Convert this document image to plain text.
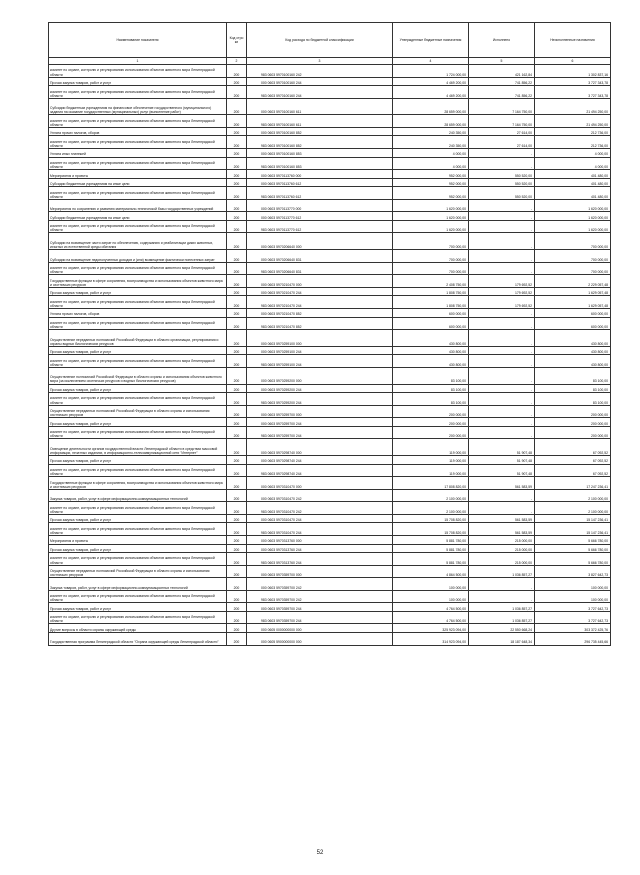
Наименование показателя	Код стро ки	Код расхода по бюджетной классификации	Утвержденные бюджетные назначения	Исполнено	Неисполненные назначения
1	2	3	4	5	6
комитет по охране, контролю и регулированию использования объектов животного мира Ленинградской области	200	983 0603 5970100160 242	1 724 000,00	421 162,84	1 302 837,16
Прочая закупка товаров, работ и услуг	200	000 0603 5970100160 244	4 469 200,00	741 856,22	3 727 343,78
комитет по охране, контролю и регулированию использования объектов животного мира Ленинградской области	200	983 0603 5970100160 244	4 469 200,00	741 856,22	3 727 343,78
Субсидии бюджетным учреждениям на финансовое обеспечение государственного (муниципального) задания на оказание государственных (муниципальных) услуг (выполнение работ)	200	000 0603 5970100160 611	28 659 000,00	7 164 750,00	21 494 250,00
комитет по охране, контролю и регулированию использования объектов животного мира Ленинградской области	200	983 0603 5970100160 611	28 659 000,00	7 164 750,00	21 494 250,00
Уплата прочих налогов, сборов	200	000 0603 5970100160 852	240 350,00	27 614,00	212 736,00
комитет по охране, контролю и регулированию использования объектов животного мира Ленинградской области	200	983 0603 5970100160 852	240 350,00	27 614,00	212 736,00
Уплата иных платежей	200	000 0603 5970100160 853	4 000,00	-	4 000,00
комитет по охране, контролю и регулированию использования объектов животного мира Ленинградской области	200	983 0603 5970100160 853	4 000,00	-	4 000,00
Мероприятия и проекты	200	000 0603 5970113760 000	952 000,00	550 520,00	401 480,00
Субсидии бюджетным учреждениям на иные цели	200	000 0603 5970113760 612	952 000,00	550 520,00	401 480,00
комитет по охране, контролю и регулированию использования объектов животного мира Ленинградской области	200	983 0603 5970113760 612	952 000,00	550 520,00	401 480,00
Мероприятия по сохранению и развитию материально-технической базы государственных учреждений	200	000 0603 5970113770 000	1 620 000,00	-	1 620 000,00
Субсидии бюджетным учреждениям на иные цели	200	000 0603 5970113770 612	1 620 000,00	-	1 620 000,00
комитет по охране, контролю и регулированию использования объектов животного мира Ленинградской области	200	983 0603 5970113770 612	1 620 000,00	-	1 620 000,00
Субсидии на возмещение части затрат по обеспечению, содержанию и реабилитации диких животных, изъятых из естественной среды обитания	200	000 0603 5970206640 000	700 000,00	-	700 000,00
Субсидии на возмещение недополученных доходов и (или) возмещение фактически понесенных затрат	200	000 0603 5970206640 831	700 000,00	-	700 000,00
комитет по охране, контролю и регулированию использования объектов животного мира Ленинградской области	200	983 0603 5970206640 831	700 000,00	-	700 000,00
Государственные функции в сфере сохранения, воспроизводства и использования объектов животного мира и охотничьих ресурсов	200	000 0603 5970210470 000	2 408 750,00	179 692,52	2 229 057,48
Прочая закупка товаров, работ и услуг	200	000 0603 5970210470 244	1 808 750,00	179 692,52	1 629 057,48
комитет по охране, контролю и регулированию использования объектов животного мира Ленинградской области	200	983 0603 5970210470 244	1 808 750,00	179 692,52	1 629 057,48
Уплата прочих налогов, сборов	200	000 0603 5970210470 852	600 000,00	-	600 000,00
комитет по охране, контролю и регулированию использования объектов животного мира Ленинградской области	200	983 0603 5970210470 852	600 000,00	-	600 000,00
Осуществление переданных полномочий Российской Федерации в области организации, регулирования и охраны водных биологических ресурсов	200	000 0603 5970259100 000	430 800,00	-	430 800,00
Прочая закупка товаров, работ и услуг	200	000 0603 5970259100 244	430 800,00	-	430 800,00
комитет по охране, контролю и регулированию использования объектов животного мира Ленинградской области	200	983 0603 5970259100 244	430 800,00	-	430 800,00
Осуществление полномочий Российской Федерации в области охраны и использования объектов животного мира (за исключением охотничьих ресурсов и водных биологических ресурсов)	200	000 0603 5970259200 000	83 100,00	-	83 100,00
Прочая закупка товаров, работ и услуг	200	000 0603 5970259200 244	83 100,00	-	83 100,00
комитет по охране, контролю и регулированию использования объектов животного мира Ленинградской области	200	983 0603 5970259200 244	83 100,00	-	83 100,00
Осуществление переданных полномочий Российской Федерации в области охраны и использования охотничьих ресурсов	200	000 0603 5970259700 000	200 000,00	-	200 000,00
Прочая закупка товаров, работ и услуг	200	000 0603 5970259700 244	200 000,00	-	200 000,00
комитет по охране, контролю и регулированию использования объектов животного мира Ленинградской области	200	983 0603 5970259700 244	200 000,00	-	200 000,00
Освещение деятельности органов государственной власти Ленинградской области в средствах массовой информации, печатных изданиях, в информационно-телекоммуникационной сети "Интернет"	200	000 0603 5970298740 000	119 000,00	51 907,48	67 092,52
Прочая закупка товаров, работ и услуг	200	000 0603 5970298740 244	119 000,00	51 907,48	67 092,52
комитет по охране, контролю и регулированию использования объектов животного мира Ленинградской области	200	983 0603 5970298740 244	119 000,00	51 907,48	67 092,52
Государственные функции в сфере сохранения, воспроизводства и использования объектов животного мира и охотничьих ресурсов	200	000 0603 5970310470 000	17 808 820,00	561 583,59	17 247 236,41
Закупка товаров, работ, услуг в сфере информационно-коммуникационных технологий	200	000 0603 5970310470 242	2 100 000,00	-	2 100 000,00
комитет по охране, контролю и регулированию использования объектов животного мира Ленинградской области	200	983 0603 5970310470 242	2 100 000,00	-	2 100 000,00
Прочая закупка товаров, работ и услуг	200	000 0603 5970310470 244	15 708 820,00	561 583,59	15 147 236,41
комитет по охране, контролю и регулированию использования объектов животного мира Ленинградской области	200	983 0603 5970310470 244	15 708 820,00	561 583,59	15 147 236,41
Мероприятия и проекты	200	000 0603 5970313760 000	5 881 780,00	215 000,00	5 666 780,00
Прочая закупка товаров, работ и услуг	200	000 0603 5970313760 244	5 881 780,00	215 000,00	5 666 780,00
комитет по охране, контролю и регулированию использования объектов животного мира Ленинградской области	200	983 0603 5970313760 244	5 881 780,00	215 000,00	5 666 780,00
Осуществление переданных полномочий Российской Федерации в области охраны и использования охотничьих ресурсов	200	000 0603 5970359700 000	4 864 500,00	1 036 857,27	3 827 642,73
Закупка товаров, работ, услуг в сфере информационно-коммуникационных технологий	200	000 0603 5970359700 242	100 000,00	-	100 000,00
комитет по охране, контролю и регулированию использования объектов животного мира Ленинградской области	200	983 0603 5970359700 242	100 000,00	-	100 000,00
Прочая закупка товаров, работ и услуг	200	000 0603 5970359700 244	4 764 500,00	1 036 857,27	3 727 642,73
комитет по охране, контролю и регулированию использования объектов животного мира Ленинградской области	200	983 0603 5970359700 244	4 764 500,00	1 036 857,27	3 727 642,73
Другие вопросы в области охраны окружающей среды	200	000 0605 0000000000 000	325 923 094,00	22 550 668,24	303 372 425,76
Государственная программа Ленинградской области "Охрана окружающей среды Ленинградской области"	200	000 0605 5900000000 000	314 923 094,00	18 187 648,34	296 735 445,66
52
